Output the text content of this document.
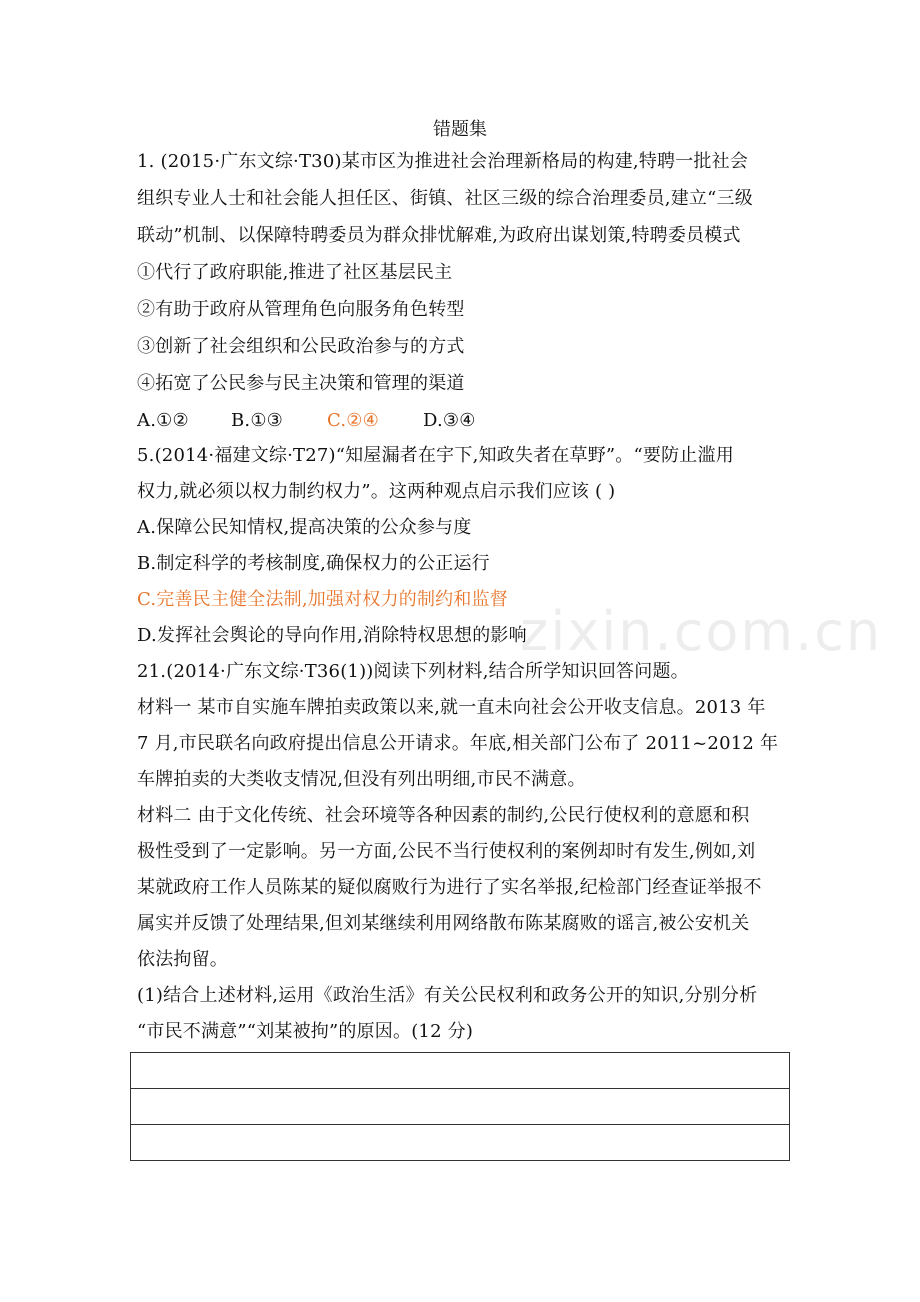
错题集
1. (2015·广东文综·T30)某市区为推进社会治理新格局的构建,特聘一批社会
组织专业人士和社会能人担任区、街镇、社区三级的综合治理委员,建立“三级
联动”机制、以保障特聘委员为群众排忧解难,为政府出谋划策,特聘委员模式
①代行了政府职能,推进了社区基层民主
②有助于政府从管理角色向服务角色转型
③创新了社会组织和公民政治参与的方式
④拓宽了公民参与民主决策和管理的渠道
A.①② B.①③ C.②④ D.③④
5.(2014·福建文综·T27)“知屋漏者在宇下,知政失者在草野”。“要防止滥用
权力,就必须以权力制约权力”。这两种观点启示我们应该 ( )
A.保障公民知情权,提高决策的公众参与度
B.制定科学的考核制度,确保权力的公正运行
C.完善民主健全法制,加强对权力的制约和监督
D.发挥社会舆论的导向作用,消除特权思想的影响
zixin.com.cn
21.(2014·广东文综·T36(1))阅读下列材料,结合所学知识回答问题。
材料一 某市自实施车牌拍卖政策以来,就一直未向社会公开收支信息。2013 年
7 月,市民联名向政府提出信息公开请求。年底,相关部门公布了 2011~2012 年
车牌拍卖的大类收支情况,但没有列出明细,市民不满意。
材料二 由于文化传统、社会环境等各种因素的制约,公民行使权利的意愿和积
极性受到了一定影响。另一方面,公民不当行使权利的案例却时有发生,例如,刘
某就政府工作人员陈某的疑似腐败行为进行了实名举报,纪检部门经查证举报不
属实并反馈了处理结果,但刘某继续利用网络散布陈某腐败的谣言,被公安机关
依法拘留。
(1)结合上述材料,运用《政治生活》有关公民权利和政务公开的知识,分别分析
“市民不满意”“刘某被拘”的原因。(12 分)
